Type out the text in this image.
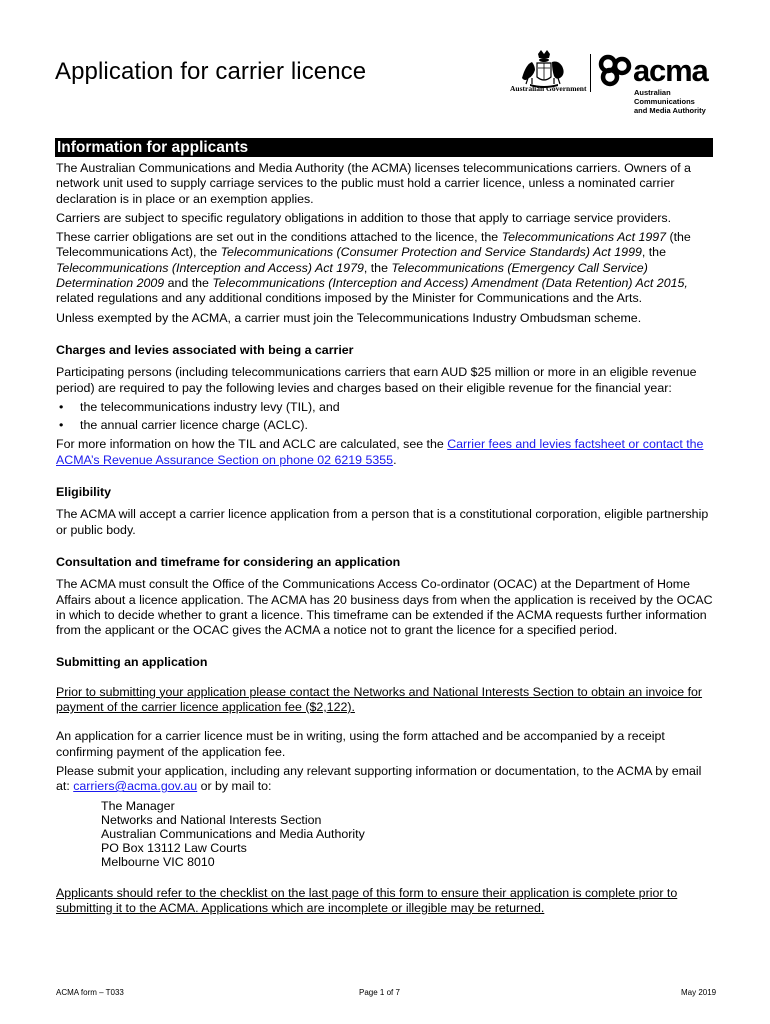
Application for carrier licence
Australian Government
acma
Australian
Communications
and Media Authority
Information for applicants

The Australian Communications and Media Authority (the ACMA) licenses telecommunications carriers. Owners of a network unit used to supply carriage services to the public must hold a carrier licence, unless a nominated carrier declaration is in place or an exemption applies.

Carriers are subject to specific regulatory obligations in addition to those that apply to carriage service providers.

These carrier obligations are set out in the conditions attached to the licence, the Telecommunications Act 1997 (the Telecommunications Act), the Telecommunications (Consumer Protection and Service Standards) Act 1999, the Telecommunications (Interception and Access) Act 1979, the Telecommunications (Emergency Call Service) Determination 2009 and the Telecommunications (Interception and Access) Amendment (Data Retention) Act 2015, related regulations and any additional conditions imposed by the Minister for Communications and the Arts.

Unless exempted by the ACMA, a carrier must join the Telecommunications Industry Ombudsman scheme.

Charges and levies associated with being a carrier

Participating persons (including telecommunications carriers that earn AUD $25 million or more in an eligible revenue period) are required to pay the following levies and charges based on their eligible revenue for the financial year:

• the telecommunications industry levy (TIL), and
• the annual carrier licence charge (ACLC).

For more information on how the TIL and ACLC are calculated, see the Carrier fees and levies factsheet or contact the ACMA’s Revenue Assurance Section on phone 02 6219 5355.

Eligibility

The ACMA will accept a carrier licence application from a person that is a constitutional corporation, eligible partnership or public body.

Consultation and timeframe for considering an application

The ACMA must consult the Office of the Communications Access Co-ordinator (OCAC) at the Department of Home Affairs about a licence application. The ACMA has 20 business days from when the application is received by the OCAC in which to decide whether to grant a licence. This timeframe can be extended if the ACMA requests further information from the applicant or the OCAC gives the ACMA a notice not to grant the licence for a specified period.

Submitting an application

Prior to submitting your application please contact the Networks and National Interests Section to obtain an invoice for payment of the carrier licence application fee ($2,122).

An application for a carrier licence must be in writing, using the form attached and be accompanied by a receipt confirming payment of the application fee.

Please submit your application, including any relevant supporting information or documentation, to the ACMA by email at: carriers@acma.gov.au or by mail to:

The Manager
Networks and National Interests Section
Australian Communications and Media Authority
PO Box 13112 Law Courts
Melbourne VIC 8010

Applicants should refer to the checklist on the last page of this form to ensure their application is complete prior to submitting it to the ACMA. Applications which are incomplete or illegible may be returned.

ACMA form – T033	Page 1 of 7	May 2019
